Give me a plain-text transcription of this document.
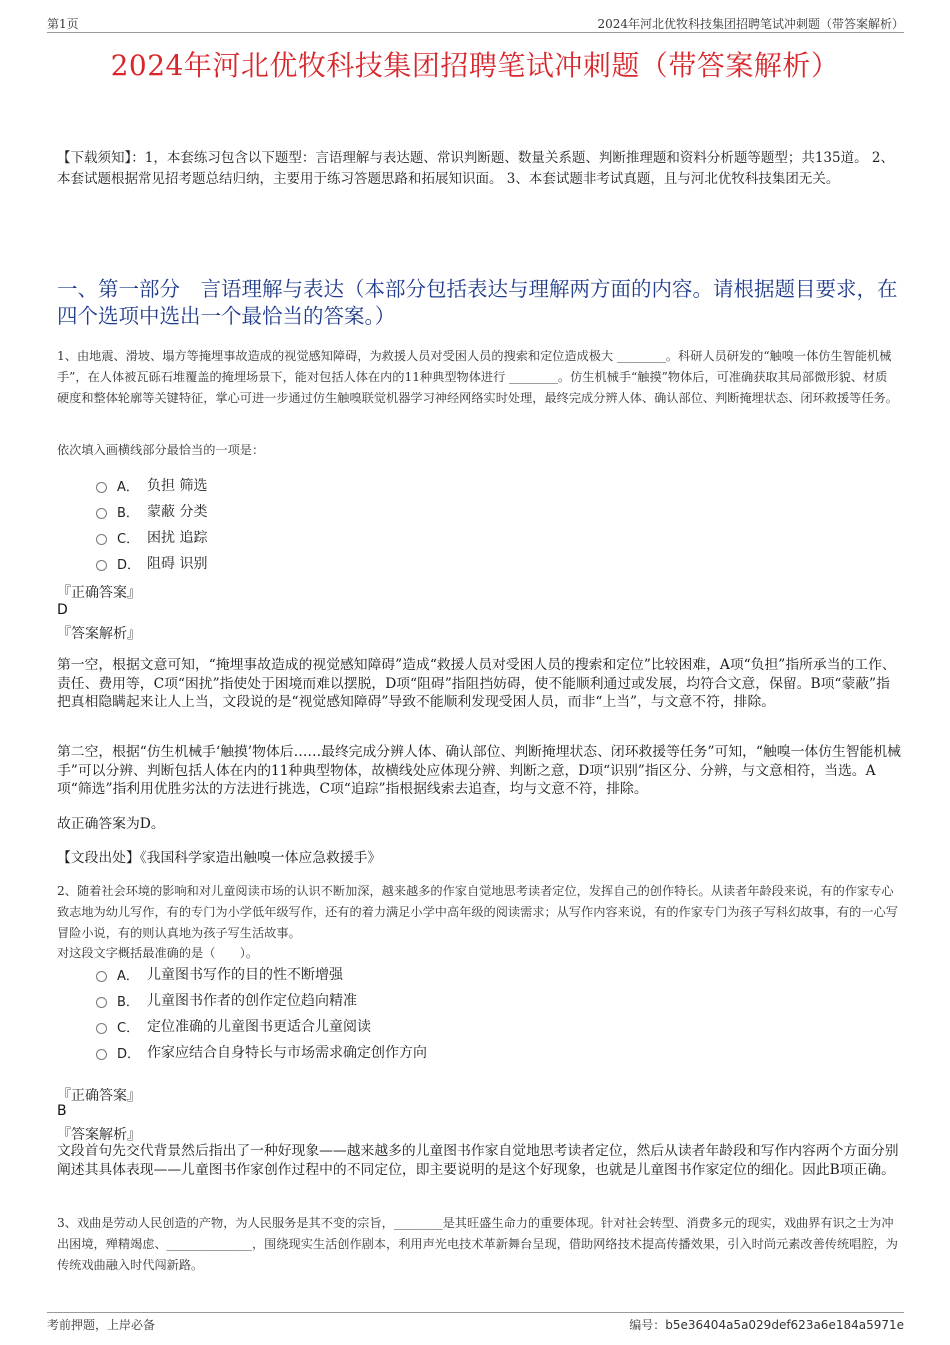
第1页	2024年河北优牧科技集团招聘笔试冲刺题（带答案解析）
2024年河北优牧科技集团招聘笔试冲刺题（带答案解析）
【下载须知】：1，本套练习包含以下题型：言语理解与表达题、常识判断题、数量关系题、判断推理题和资料分析题等题型；共135道。 2、本套试题根据常见招考题总结归纳，主要用于练习答题思路和拓展知识面。 3、本套试题非考试真题，且与河北优牧科技集团无关。
一、第一部分　言语理解与表达（本部分包括表达与理解两方面的内容。请根据题目要求，在四个选项中选出一个最恰当的答案。）
1、由地震、滑坡、塌方等掩埋事故造成的视觉感知障碍，为救援人员对受困人员的搜索和定位造成极大 ________。科研人员研发的“触嗅一体仿生智能机械手”，在人体被瓦砾石堆覆盖的掩埋场景下，能对包括人体在内的11种典型物体进行 ________。仿生机械手“触摸”物体后，可准确获取其局部微形貌、材质硬度和整体轮廓等关键特征，掌心可进一步通过仿生触嗅联觉机器学习神经网络实时处理，最终完成分辨人体、确认部位、判断掩埋状态、闭环救援等任务。
依次填入画横线部分最恰当的一项是：
A． 负担 筛选
B． 蒙蔽 分类
C． 困扰 追踪
D． 阻碍 识别
『正确答案』
D
『答案解析』
第一空，根据文意可知，“掩埋事故造成的视觉感知障碍”造成“救援人员对受困人员的搜索和定位”比较困难，A项“负担”指所承当的工作、责任、费用等，C项“困扰”指使处于困境而难以摆脱，D项“阻碍”指阻挡妨碍，使不能顺利通过或发展，均符合文意，保留。B项“蒙蔽”指把真相隐瞒起来让人上当，文段说的是“视觉感知障碍”导致不能顺利发现受困人员，而非“上当”，与文意不符，排除。
第二空，根据“仿生机械手‘触摸’物体后……最终完成分辨人体、确认部位、判断掩埋状态、闭环救援等任务”可知，“触嗅一体仿生智能机械手”可以分辨、判断包括人体在内的11种典型物体，故横线处应体现分辨、判断之意，D项“识别”指区分、分辨，与文意相符，当选。A项“筛选”指利用优胜劣汰的方法进行挑选，C项“追踪”指根据线索去追查，均与文意不符，排除。
故正确答案为D。
【文段出处】《我国科学家造出触嗅一体应急救援手》
2、随着社会环境的影响和对儿童阅读市场的认识不断加深，越来越多的作家自觉地思考读者定位，发挥自己的创作特长。从读者年龄段来说，有的作家专心致志地为幼儿写作，有的专门为小学低年级写作，还有的着力满足小学中高年级的阅读需求；从写作内容来说，有的作家专门为孩子写科幻故事，有的一心写冒险小说，有的则认真地为孩子写生活故事。
对这段文字概括最准确的是（　　）。
A． 儿童图书写作的目的性不断增强
B． 儿童图书作者的创作定位趋向精准
C． 定位准确的儿童图书更适合儿童阅读
D． 作家应结合自身特长与市场需求确定创作方向
『正确答案』
B
『答案解析』
文段首句先交代背景然后指出了一种好现象——越来越多的儿童图书作家自觉地思考读者定位，然后从读者年龄段和写作内容两个方面分别阐述其具体表现——儿童图书作家创作过程中的不同定位，即主要说明的是这个好现象，也就是儿童图书作家定位的细化。因此B项正确。
3、戏曲是劳动人民创造的产物，为人民服务是其不变的宗旨，________是其旺盛生命力的重要体现。针对社会转型、消费多元的现实，戏曲界有识之士为冲出困境，殚精竭虑、______________，围绕现实生活创作剧本，利用声光电技术革新舞台呈现，借助网络技术提高传播效果，引入时尚元素改善传统唱腔，为传统戏曲融入时代闯新路。
考前押题，上岸必备	编号：b5e36404a5a029def623a6e184a5971e
